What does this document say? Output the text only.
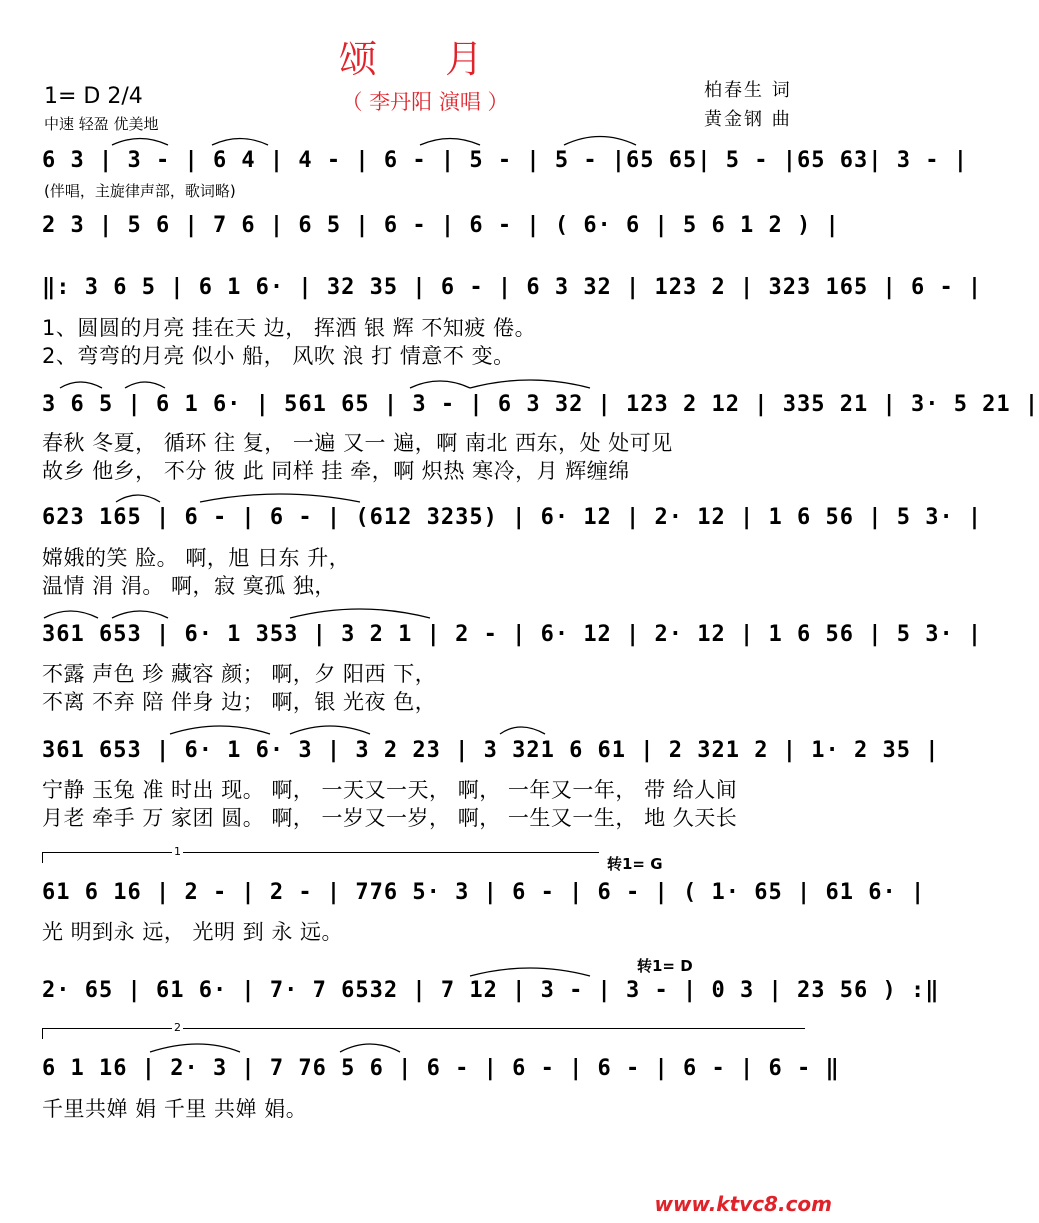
颂 月
（ 李丹阳 演唱 ）
1= D 2/4
中速 轻盈 优美地
柏春生 词
黄金钢 曲
6 3 | 3 - | 6 4 | 4 - | 6 - | 5 - | 5 - |65 65| 5 - |65 63| 3 - |
(伴唱，主旋律声部，歌词略)
2 3 | 5 6 | 7 6 | 6 5 | 6 - | 6 - | ( 6· 6 | 5 6 1 2 ) |
‖: 3 6 5 | 6 1 6· | 32 35 | 6 - | 6 3 32 | 123 2 | 323 165 | 6 - |
1、圆圆的月亮 挂在天 边， 挥洒 银 辉 不知疲 倦。
2、弯弯的月亮 似小 船， 风吹 浪 打 情意不 变。
3 6 5 | 6 1 6· | 561 65 | 3 - | 6 3 32 | 123 2 12 | 335 21 | 3· 5 21 |
春秋 冬夏， 循环 往 复， 一遍 又一 遍，啊 南北 西东，处 处可见
故乡 他乡， 不分 彼 此 同样 挂 牵，啊 炽热 寒冷，月 辉缠绵
623 165 | 6 - | 6 - | (612 3235) | 6· 12 | 2· 12 | 1 6 56 | 5 3· |
嫦娥的笑 脸。 啊，旭 日东 升，
温情 涓 涓。 啊，寂 寞孤 独，
361 653 | 6· 1 353 | 3 2 1 | 2 - | 6· 12 | 2· 12 | 1 6 56 | 5 3· |
不露 声色 珍 藏容 颜； 啊，夕 阳西 下，
不离 不弃 陪 伴身 边； 啊，银 光夜 色，
361 653 | 6· 1 6· 3 | 3 2 23 | 3 321 6 61 | 2 321 2 | 1· 2 35 |
宁静 玉兔 准 时出 现。 啊， 一天又一天， 啊， 一年又一年， 带 给人间
月老 牵手 万 家团 圆。 啊， 一岁又一岁， 啊， 一生又一生， 地 久天长
1
转1= G
61 6 16 | 2 - | 2 - | 776 5· 3 | 6 - | 6 - | ( 1· 65 | 61 6· |
光 明到永 远， 光明 到 永 远。
转1= D
2· 65 | 61 6· | 7· 7 6532 | 7 12 | 3 - | 3 - | 0 3 | 23 56 ) :‖
2
6 1 16 | 2· 3 | 7 76 5 6 | 6 - | 6 - | 6 - | 6 - | 6 - ‖
千里共婵 娟 千里 共婵 娟。
www.ktvc8.com
